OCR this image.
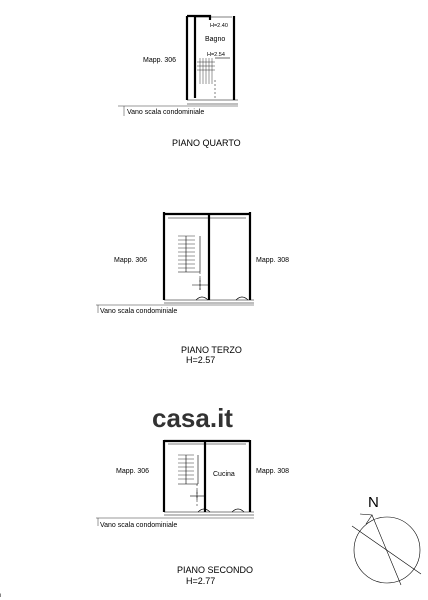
casa.it
Mapp. 306
Bagno
H=2.40
H=2.54
Vano scala condominiale
PIANO QUARTO
Mapp. 306	Mapp. 308
Vano scala condominiale
PIANO TERZO
H=2.57
Mapp. 306	Mapp. 308
Cucina
Vano scala condominiale
PIANO SECONDO
H=2.77
N
i
